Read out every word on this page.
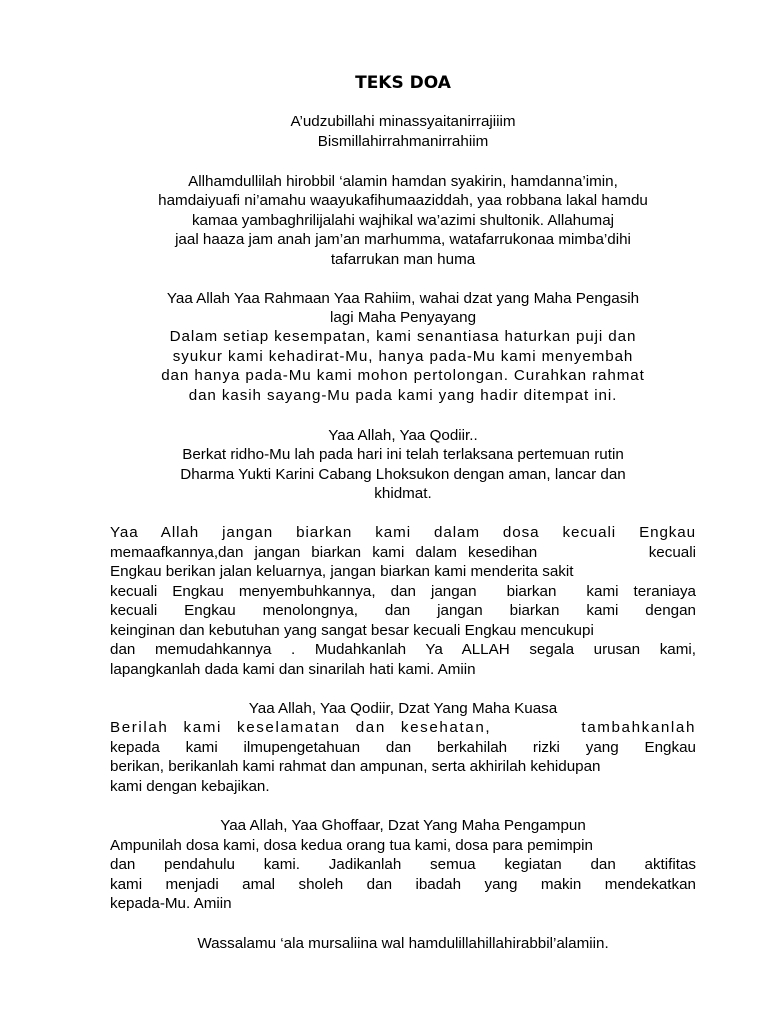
TEKS DOA

A’udzubillahi minassyaitanirrajiiim

Bismillahirrahmanirrahiim

Allhamdullilah hirobbil ‘alamin hamdan syakirin, hamdanna’imin,

hamdaiyuafi ni’amahu waayukafihumaaziddah, yaa robbana lakal hamdu

kamaa yambaghrilijalahi wajhikal wa’azimi shultonik. Allahumaj

jaal haaza jam anah jam’an marhumma, watafarrukonaa mimba’dihi

tafarrukan man huma

Yaa Allah Yaa Rahmaan Yaa Rahiim, wahai dzat yang Maha Pengasih

lagi Maha Penyayang

Dalam setiap kesempatan, kami senantiasa haturkan puji dan

syukur kami kehadirat-Mu, hanya pada-Mu kami menyembah

dan hanya pada-Mu kami mohon pertolongan. Curahkan rahmat

dan kasih sayang-Mu pada kami yang hadir ditempat ini.

Yaa Allah, Yaa Qodiir..

Berkat ridho-Mu lah pada hari ini telah terlaksana pertemuan rutin

Dharma Yukti Karini Cabang Lhoksukon dengan aman, lancar dan

khidmat.

Yaa Allah jangan biarkan kami dalam dosa kecuali Engkau

memaafkannya,dan jangan biarkan kami dalam kesedihan          kecuali

Engkau berikan jalan keluarnya, jangan biarkan kami menderita sakit

kecuali Engkau menyembuhkannya, dan jangan  biarkan  kami teraniaya

kecuali Engkau menolongnya, dan jangan biarkan kami dengan

keinginan dan kebutuhan yang sangat besar kecuali Engkau mencukupi

dan memudahkannya . Mudahkanlah Ya ALLAH segala urusan kami,

lapangkanlah dada kami dan sinarilah hati kami. Amiin

Yaa Allah, Yaa Qodiir, Dzat Yang Maha Kuasa

Berilah kami keselamatan dan kesehatan,      tambahkanlah

kepada kami ilmupengetahuan dan berkahilah rizki yang Engkau

berikan, berikanlah kami rahmat dan ampunan, serta akhirilah kehidupan

kami dengan kebajikan.

Yaa Allah, Yaa Ghoffaar, Dzat Yang Maha Pengampun

Ampunilah dosa kami, dosa kedua orang tua kami, dosa para pemimpin

dan pendahulu kami. Jadikanlah semua kegiatan dan aktifitas

kami menjadi amal sholeh dan ibadah yang makin mendekatkan

kepada-Mu. Amiin

Wassalamu ‘ala mursaliina wal hamdulillahillahirabbil’alamiin.
